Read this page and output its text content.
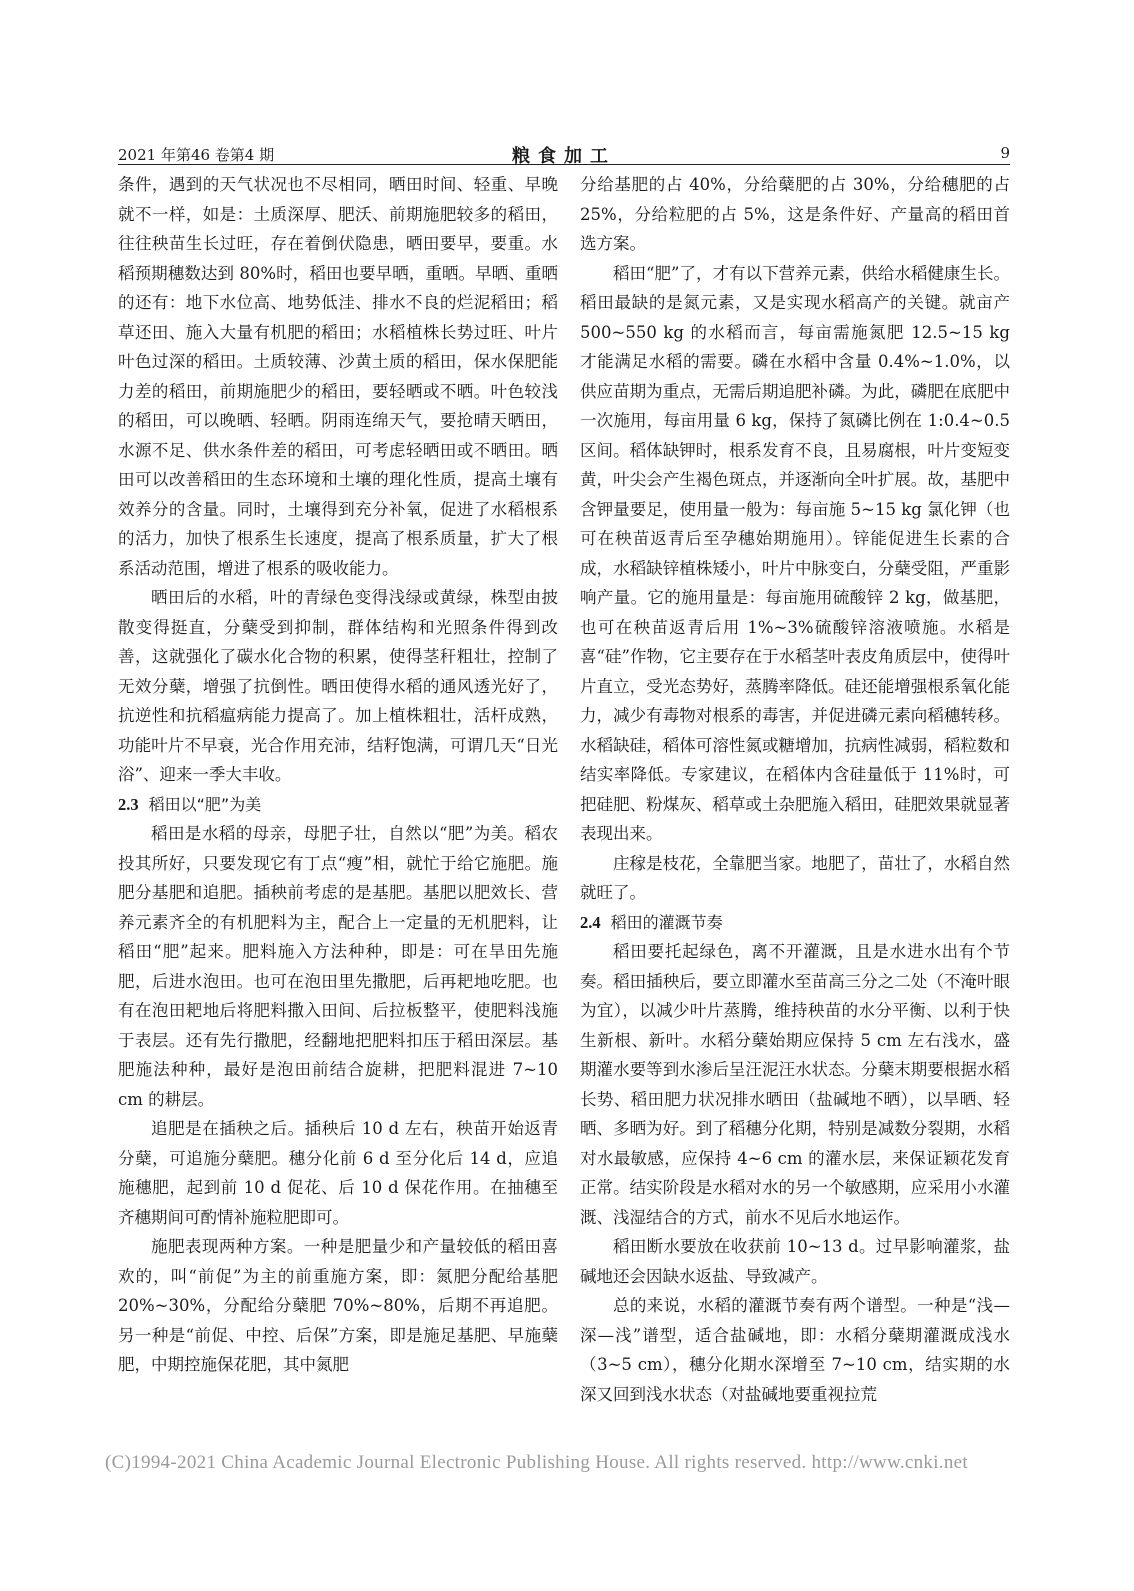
2021 年第46 卷第4 期	粮食加工	9

条件，遇到的天气状况也不尽相同，晒田时间、轻重、早晚就不一样，如是：土质深厚、肥沃、前期施肥较多的稻田，往往秧苗生长过旺，存在着倒伏隐患，晒田要早，要重。水稻预期穗数达到 80%时，稻田也要早晒，重晒。早晒、重晒的还有：地下水位高、地势低洼、排水不良的烂泥稻田；稻草还田、施入大量有机肥的稻田；水稻植株长势过旺、叶片叶色过深的稻田。土质较薄、沙黄土质的稻田，保水保肥能力差的稻田，前期施肥少的稻田，要轻晒或不晒。叶色较浅的稻田，可以晚晒、轻晒。阴雨连绵天气，要抢晴天晒田，水源不足、供水条件差的稻田，可考虑轻晒田或不晒田。晒田可以改善稻田的生态环境和土壤的理化性质，提高土壤有效养分的含量。同时，土壤得到充分补氧，促进了水稻根系的活力，加快了根系生长速度，提高了根系质量，扩大了根系活动范围，增进了根系的吸收能力。

晒田后的水稻，叶的青绿色变得浅绿或黄绿，株型由披散变得挺直，分蘖受到抑制，群体结构和光照条件得到改善，这就强化了碳水化合物的积累，使得茎秆粗壮，控制了无效分蘖，增强了抗倒性。晒田使得水稻的通风透光好了，抗逆性和抗稻瘟病能力提高了。加上植株粗壮，活杆成熟，功能叶片不早衰，光合作用充沛，结籽饱满，可谓几天“日光浴”、迎来一季大丰收。

2.3 稻田以“肥”为美

稻田是水稻的母亲，母肥子壮，自然以“肥”为美。稻农投其所好，只要发现它有丁点“瘦”相，就忙于给它施肥。施肥分基肥和追肥。插秧前考虑的是基肥。基肥以肥效长、营养元素齐全的有机肥料为主，配合上一定量的无机肥料，让稻田“肥”起来。肥料施入方法种种，即是：可在旱田先施肥，后进水泡田。也可在泡田里先撒肥，后再耙地吃肥。也有在泡田耙地后将肥料撒入田间、后拉板整平，使肥料浅施于表层。还有先行撒肥，经翻地把肥料扣压于稻田深层。基肥施法种种，最好是泡田前结合旋耕，把肥料混进 7~10 cm 的耕层。

追肥是在插秧之后。插秧后 10 d 左右，秧苗开始返青分蘖，可追施分蘖肥。穗分化前 6 d 至分化后 14 d，应追施穗肥，起到前 10 d 促花、后 10 d 保花作用。在抽穗至齐穗期间可酌情补施粒肥即可。

施肥表现两种方案。一种是肥量少和产量较低的稻田喜欢的，叫“前促”为主的前重施方案，即：氮肥分配给基肥 20%~30%，分配给分蘖肥 70%~80%，后期不再追肥。另一种是“前促、中控、后保”方案，即是施足基肥、早施蘖肥，中期控施保花肥，其中氮肥

分给基肥的占 40%，分给蘖肥的占 30%，分给穗肥的占 25%，分给粒肥的占 5%，这是条件好、产量高的稻田首选方案。

稻田“肥”了，才有以下营养元素，供给水稻健康生长。稻田最缺的是氮元素，又是实现水稻高产的关键。就亩产 500~550 kg 的水稻而言，每亩需施氮肥 12.5~15 kg 才能满足水稻的需要。磷在水稻中含量 0.4%~1.0%，以供应苗期为重点，无需后期追肥补磷。为此，磷肥在底肥中一次施用，每亩用量 6 kg，保持了氮磷比例在 1:0.4~0.5 区间。稻体缺钾时，根系发育不良，且易腐根，叶片变短变黄，叶尖会产生褐色斑点，并逐渐向全叶扩展。故，基肥中含钾量要足，使用量一般为：每亩施 5~15 kg 氯化钾（也可在秧苗返青后至孕穗始期施用）。锌能促进生长素的合成，水稻缺锌植株矮小，叶片中脉变白，分蘖受阻，严重影响产量。它的施用量是：每亩施用硫酸锌 2 kg，做基肥，也可在秧苗返青后用 1%~3%硫酸锌溶液喷施。水稻是喜“硅”作物，它主要存在于水稻茎叶表皮角质层中，使得叶片直立，受光态势好，蒸腾率降低。硅还能增强根系氧化能力，减少有毒物对根系的毒害，并促进磷元素向稻穗转移。水稻缺硅，稻体可溶性氮或糖增加，抗病性减弱，稻粒数和结实率降低。专家建议，在稻体内含硅量低于 11%时，可把硅肥、粉煤灰、稻草或土杂肥施入稻田，硅肥效果就显著表现出来。

庄稼是枝花，全靠肥当家。地肥了，苗壮了，水稻自然就旺了。

2.4 稻田的灌溉节奏

稻田要托起绿色，离不开灌溉，且是水进水出有个节奏。稻田插秧后，要立即灌水至苗高三分之二处（不淹叶眼为宜），以减少叶片蒸腾，维持秧苗的水分平衡、以利于快生新根、新叶。水稻分蘖始期应保持 5 cm 左右浅水，盛期灌水要等到水渗后呈汪泥汪水状态。分蘖末期要根据水稻长势、稻田肥力状况排水晒田（盐碱地不晒），以旱晒、轻晒、多晒为好。到了稻穗分化期，特别是减数分裂期，水稻对水最敏感，应保持 4~6 cm 的灌水层，来保证颖花发育正常。结实阶段是水稻对水的另一个敏感期，应采用小水灌溉、浅湿结合的方式，前水不见后水地运作。

稻田断水要放在收获前 10~13 d。过早影响灌浆，盐碱地还会因缺水返盐、导致减产。

总的来说，水稻的灌溉节奏有两个谱型。一种是“浅—深—浅”谱型，适合盐碱地，即：水稻分蘖期灌溉成浅水（3~5 cm），穗分化期水深增至 7~10 cm，结实期的水深又回到浅水状态（对盐碱地要重视拉荒

(C)1994-2021 China Academic Journal Electronic Publishing House. All rights reserved. http://www.cnki.net
